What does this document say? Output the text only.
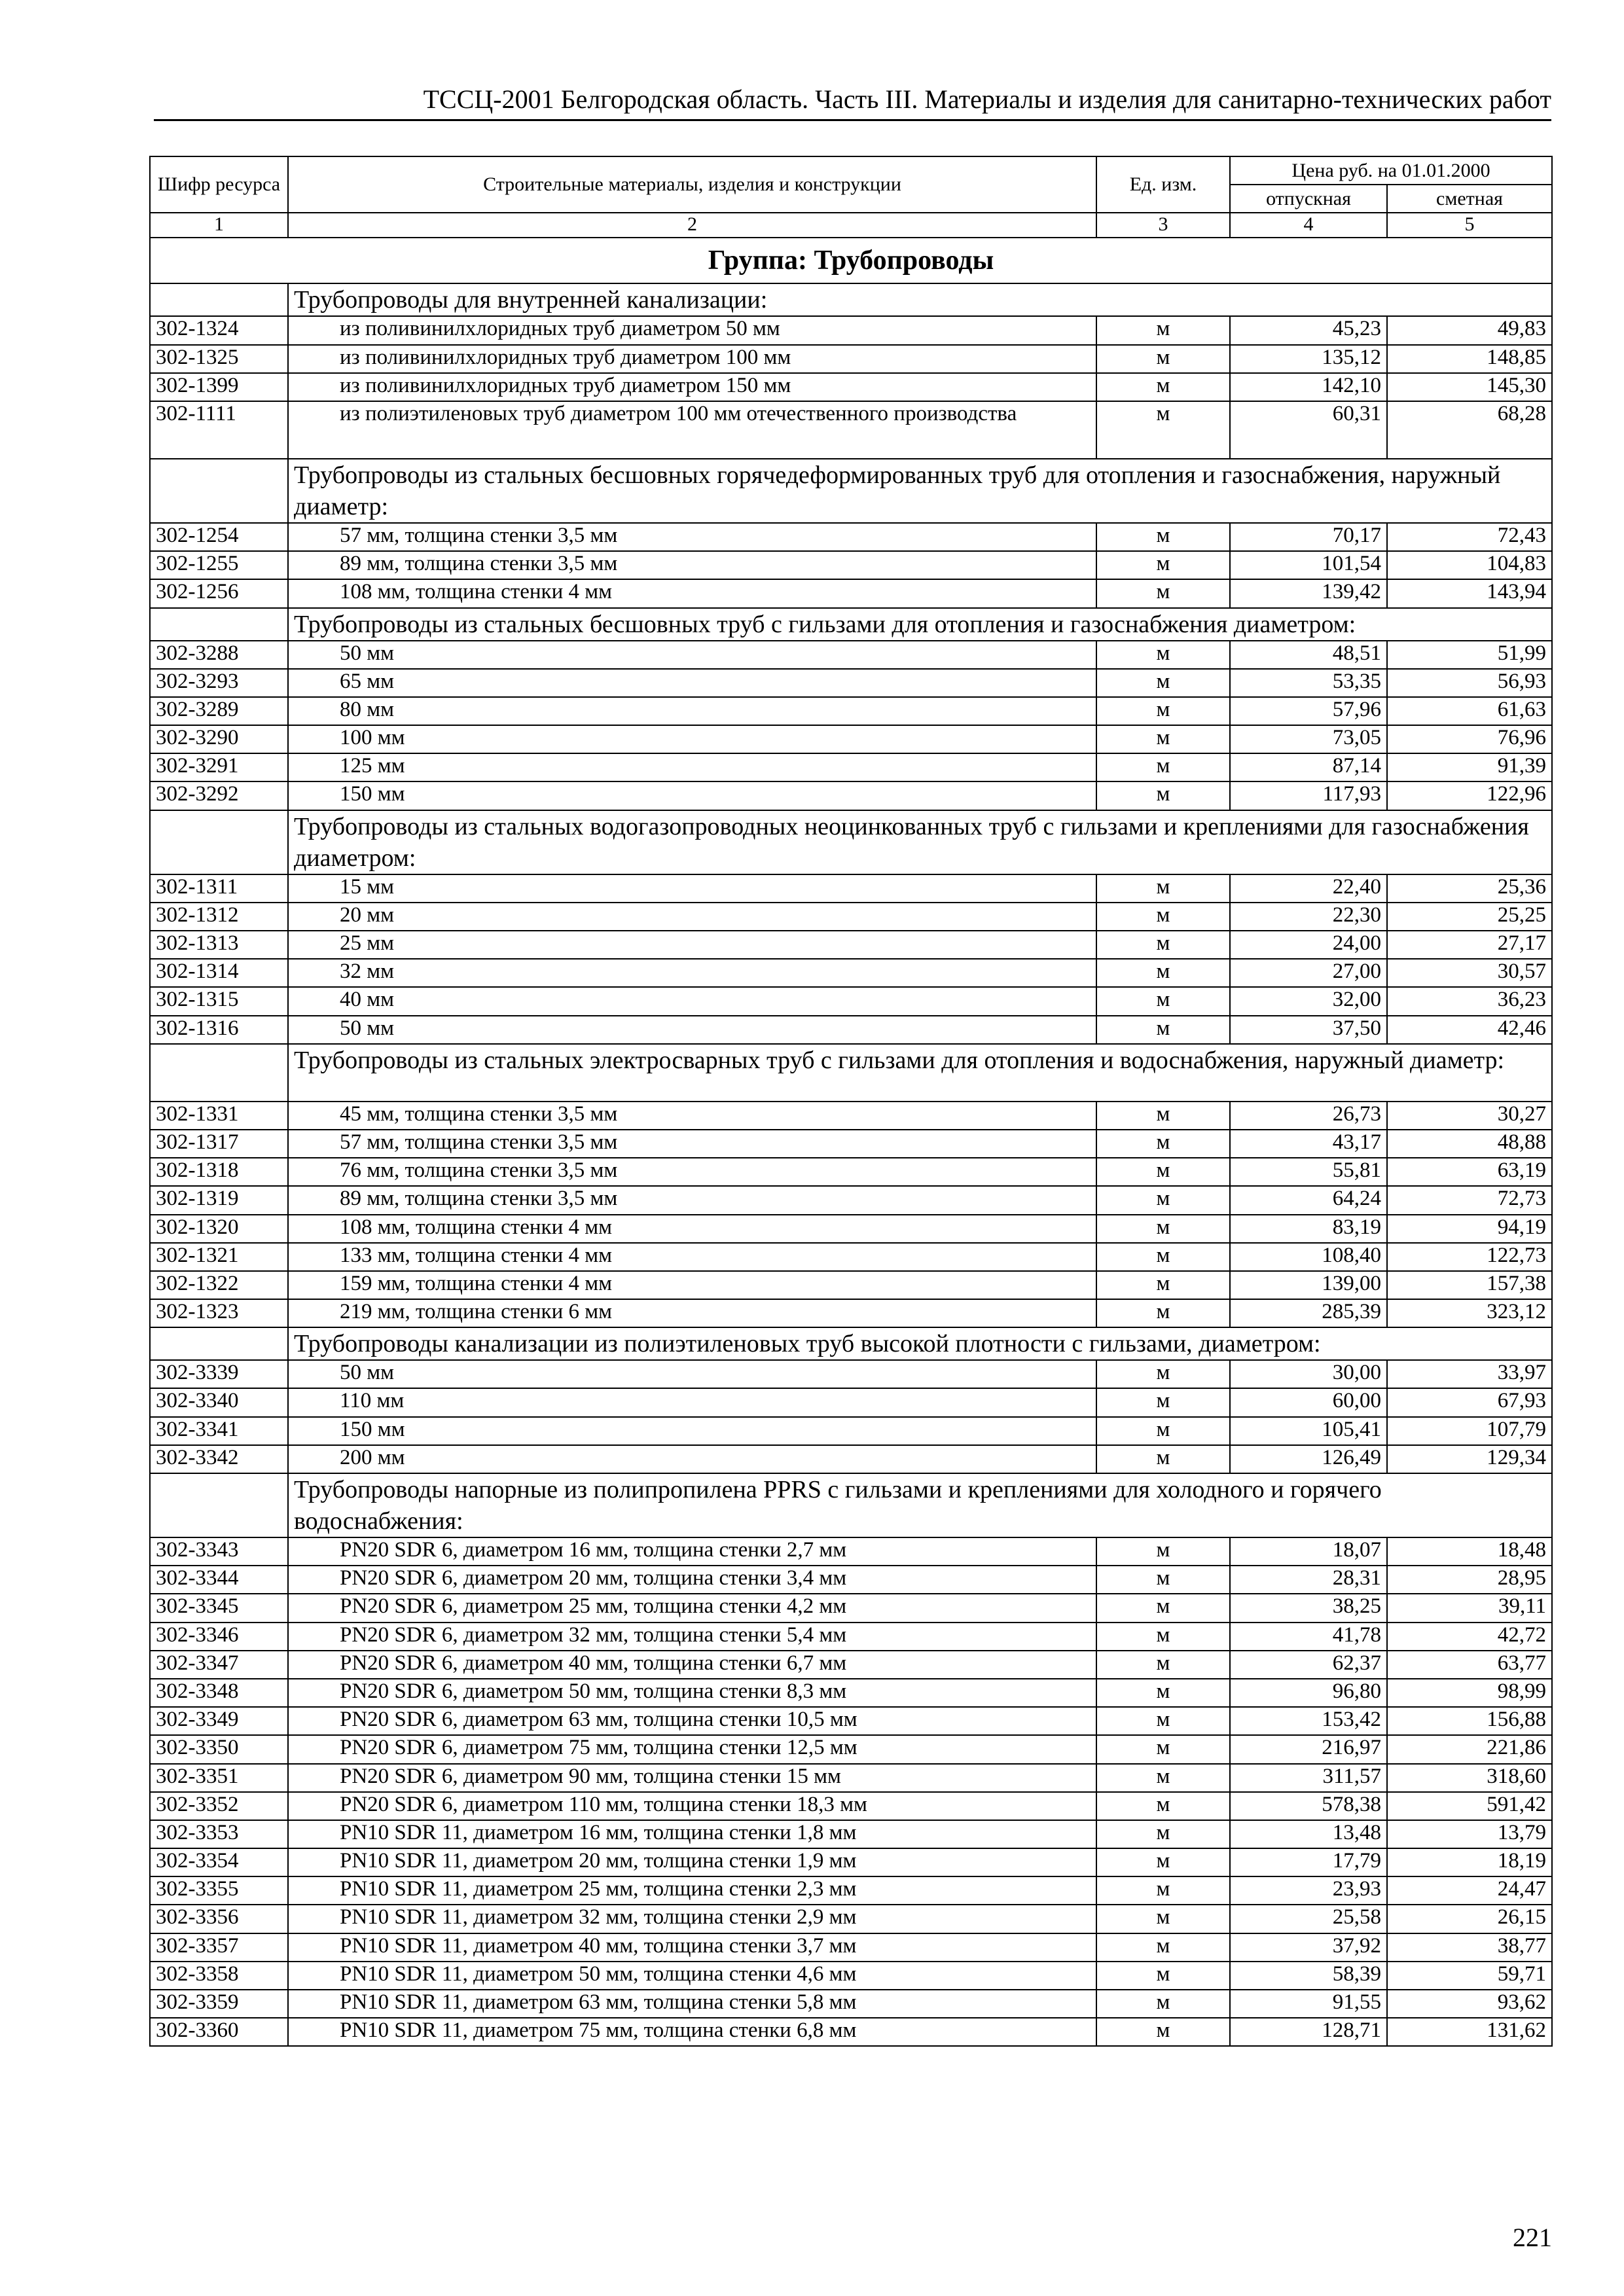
ТССЦ-2001 Белгородская область. Часть III. Материалы и изделия для санитарно-технических работ
Шифр ресурса	Строительные материалы, изделия и конструкции	Ед. изм.	Цена руб. на 01.01.2000	
			отпускная	сметная
1	2	3	4	5
Группа: Трубопроводы				
	Трубопроводы для внутренней канализации:			
302-1324	из поливинилхлоридных труб диаметром 50 мм	м	45,23	49,83
302-1325	из поливинилхлоридных труб диаметром 100 мм	м	135,12	148,85
302-1399	из поливинилхлоридных труб диаметром 150 мм	м	142,10	145,30
302-1111	из полиэтиленовых труб диаметром 100 мм отечественного производства	м	60,31	68,28
	Трубопроводы из стальных бесшовных горячедеформированных труб для отопления и газоснабжения, наружный диаметр:			
302-1254	57 мм, толщина стенки 3,5 мм	м	70,17	72,43
302-1255	89 мм, толщина стенки 3,5 мм	м	101,54	104,83
302-1256	108 мм, толщина стенки 4 мм	м	139,42	143,94
	Трубопроводы из стальных бесшовных труб с гильзами для отопления и газоснабжения диаметром:			
302-3288	50 мм	м	48,51	51,99
302-3293	65 мм	м	53,35	56,93
302-3289	80 мм	м	57,96	61,63
302-3290	100 мм	м	73,05	76,96
302-3291	125 мм	м	87,14	91,39
302-3292	150 мм	м	117,93	122,96
	Трубопроводы из стальных водогазопроводных неоцинкованных труб с гильзами и креплениями для газоснабжения диаметром:			
302-1311	15 мм	м	22,40	25,36
302-1312	20 мм	м	22,30	25,25
302-1313	25 мм	м	24,00	27,17
302-1314	32 мм	м	27,00	30,57
302-1315	40 мм	м	32,00	36,23
302-1316	50 мм	м	37,50	42,46
	Трубопроводы из стальных электросварных труб с гильзами для отопления и водоснабжения, наружный диаметр:			
302-1331	45 мм, толщина стенки 3,5 мм	м	26,73	30,27
302-1317	57 мм, толщина стенки 3,5 мм	м	43,17	48,88
302-1318	76 мм, толщина стенки 3,5 мм	м	55,81	63,19
302-1319	89 мм, толщина стенки 3,5 мм	м	64,24	72,73
302-1320	108 мм, толщина стенки 4 мм	м	83,19	94,19
302-1321	133 мм, толщина стенки 4 мм	м	108,40	122,73
302-1322	159 мм, толщина стенки 4 мм	м	139,00	157,38
302-1323	219 мм, толщина стенки 6 мм	м	285,39	323,12
	Трубопроводы канализации из полиэтиленовых труб высокой плотности с гильзами, диаметром:			
302-3339	50 мм	м	30,00	33,97
302-3340	110 мм	м	60,00	67,93
302-3341	150 мм	м	105,41	107,79
302-3342	200 мм	м	126,49	129,34
	Трубопроводы напорные из полипропилена PPRS с гильзами и креплениями для холодного и горячего водоснабжения:			
302-3343	PN20 SDR 6, диаметром 16 мм, толщина стенки 2,7 мм	м	18,07	18,48
302-3344	PN20 SDR 6, диаметром 20 мм, толщина стенки 3,4 мм	м	28,31	28,95
302-3345	PN20 SDR 6, диаметром 25 мм, толщина стенки 4,2 мм	м	38,25	39,11
302-3346	PN20 SDR 6, диаметром 32 мм, толщина стенки 5,4 мм	м	41,78	42,72
302-3347	PN20 SDR 6, диаметром 40 мм, толщина стенки 6,7 мм	м	62,37	63,77
302-3348	PN20 SDR 6, диаметром 50 мм, толщина стенки 8,3 мм	м	96,80	98,99
302-3349	PN20 SDR 6, диаметром 63 мм, толщина стенки 10,5 мм	м	153,42	156,88
302-3350	PN20 SDR 6, диаметром 75 мм, толщина стенки 12,5 мм	м	216,97	221,86
302-3351	PN20 SDR 6, диаметром 90 мм, толщина стенки 15 мм	м	311,57	318,60
302-3352	PN20 SDR 6, диаметром 110 мм, толщина стенки 18,3 мм	м	578,38	591,42
302-3353	PN10 SDR 11, диаметром 16 мм, толщина стенки 1,8 мм	м	13,48	13,79
302-3354	PN10 SDR 11, диаметром 20 мм, толщина стенки 1,9 мм	м	17,79	18,19
302-3355	PN10 SDR 11, диаметром 25 мм, толщина стенки 2,3 мм	м	23,93	24,47
302-3356	PN10 SDR 11, диаметром 32 мм, толщина стенки 2,9 мм	м	25,58	26,15
302-3357	PN10 SDR 11, диаметром 40 мм, толщина стенки 3,7 мм	м	37,92	38,77
302-3358	PN10 SDR 11, диаметром 50 мм, толщина стенки 4,6 мм	м	58,39	59,71
302-3359	PN10 SDR 11, диаметром 63 мм, толщина стенки 5,8 мм	м	91,55	93,62
302-3360	PN10 SDR 11, диаметром 75 мм, толщина стенки 6,8 мм	м	128,71	131,62
221
